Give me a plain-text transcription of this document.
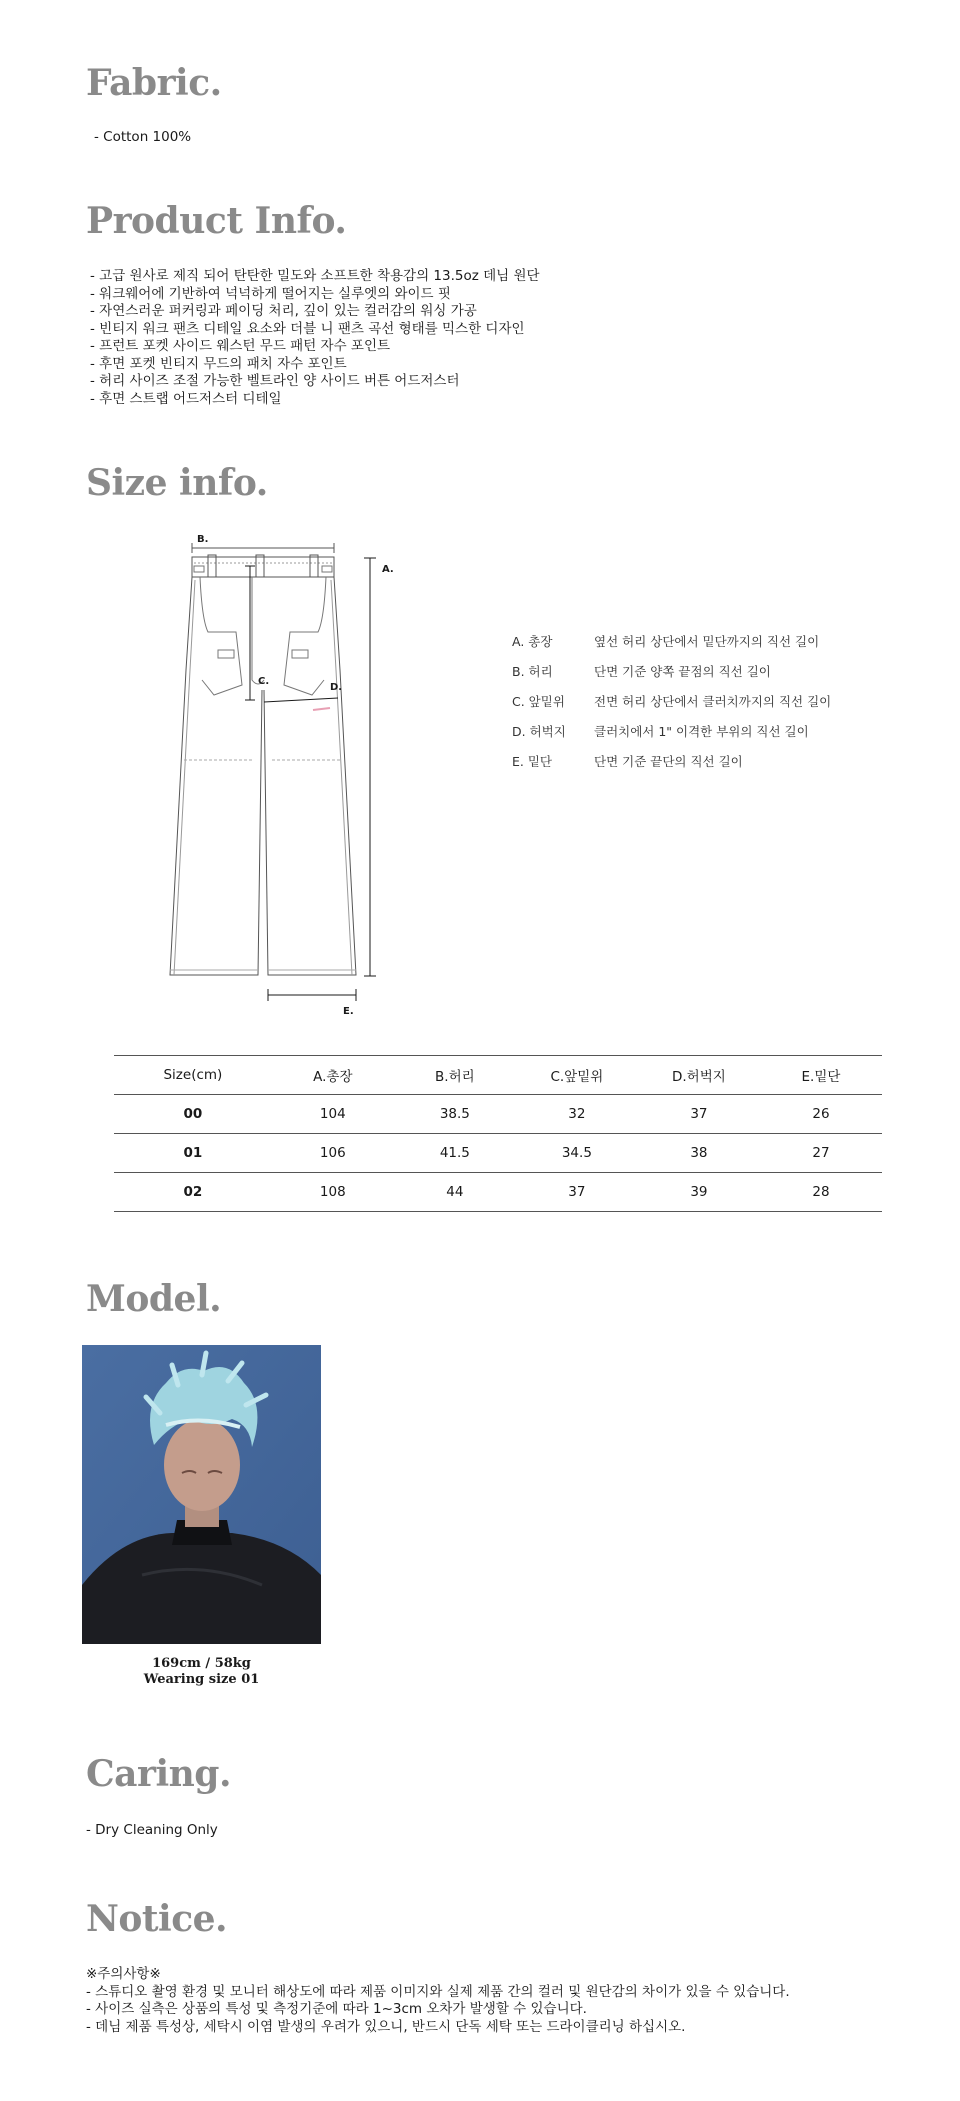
Fabric.
- Cotton 100%
Product Info.
- 고급 원사로 제직 되어 탄탄한 밀도와 소프트한 착용감의 13.5oz 데님 원단
- 워크웨어에 기반하여 넉넉하게 떨어지는 실루엣의 와이드 핏
- 자연스러운 퍼커링과 페이딩 처리, 깊이 있는 컬러감의 워싱 가공
- 빈티지 워크 팬츠 디테일 요소와 더블 니 팬츠 곡선 형태를 믹스한 디자인
- 프런트 포켓 사이드 웨스턴 무드 패턴 자수 포인트
- 후면 포켓 빈티지 무드의 패치 자수 포인트
- 허리 사이즈 조절 가능한 벨트라인 양 사이드 버튼 어드저스터
- 후면 스트랩 어드저스터 디테일
Size info.
B.
C.
D.
A.
E.
A. 총장	옆선 허리 상단에서 밑단까지의 직선 길이
B. 허리	단면 기준 양쪽 끝점의 직선 길이
C. 앞밑위	전면 허리 상단에서 클러치까지의 직선 길이
D. 허벅지	클러치에서 1" 이격한 부위의 직선 길이
E. 밑단	단면 기준 끝단의 직선 길이
Size(cm)	A.총장	B.허리	C.앞밑위	D.허벅지	E.밑단
00	104	38.5	32	37	26
01	106	41.5	34.5	38	27
02	108	44	37	39	28
Model.
169cm / 58kg
Wearing size 01
Caring.
- Dry Cleaning Only
Notice.
※주의사항※
- 스튜디오 촬영 환경 및 모니터 해상도에 따라 제품 이미지와 실제 제품 간의 컬러 및 원단감의 차이가 있을 수 있습니다.
- 사이즈 실측은 상품의 특성 및 측정기준에 따라 1~3cm 오차가 발생할 수 있습니다.
- 데님 제품 특성상, 세탁시 이염 발생의 우려가 있으니, 반드시 단독 세탁 또는 드라이클리닝 하십시오.
